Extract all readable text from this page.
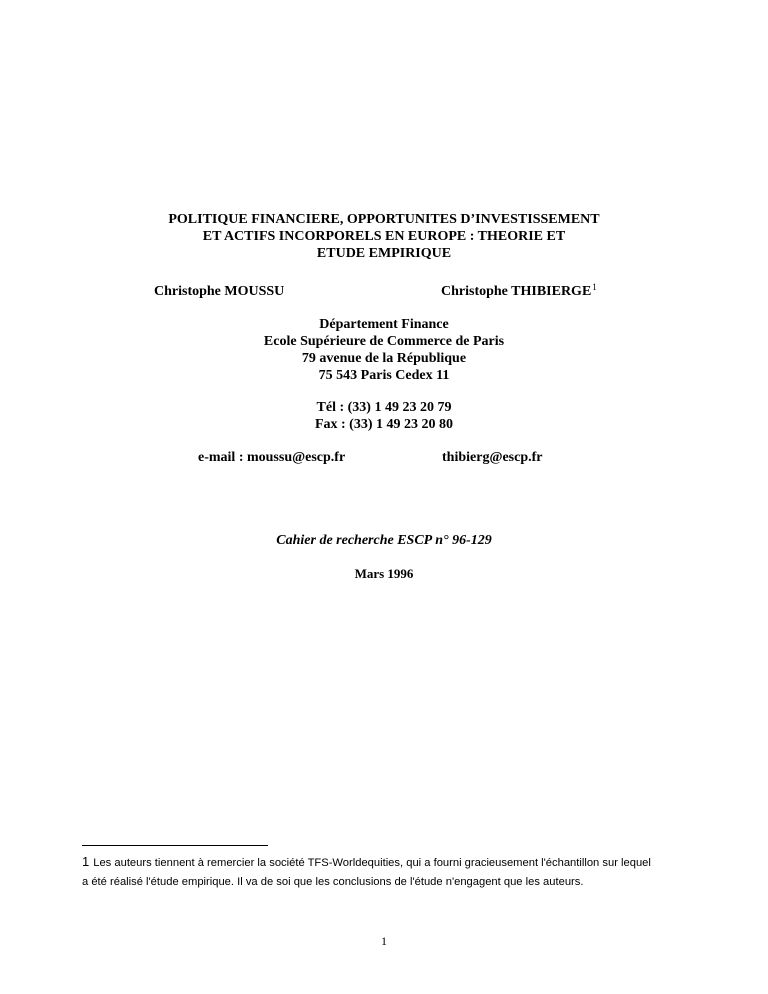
POLITIQUE FINANCIERE, OPPORTUNITES D’INVESTISSEMENT
ET ACTIFS INCORPORELS EN EUROPE : THEORIE ET
ETUDE EMPIRIQUE
Christophe MOUSSU	Christophe THIBIERGE$^1$
Département Finance
Ecole Supérieure de Commerce de Paris
79 avenue de la République
75 543 Paris Cedex 11
Tél : (33) 1 49 23 20 79
Fax : (33) 1 49 23 20 80
e-mail : moussu@escp.fr	thibierg@escp.fr
Cahier de recherche ESCP n° 96-129
Mars 1996
1 Les auteurs tiennent à remercier la société TFS-Worldequities, qui a fourni gracieusement l'échantillon sur lequel
a été réalisé l'étude empirique. Il va de soi que les conclusions de l'étude n'engagent que les auteurs.
1
